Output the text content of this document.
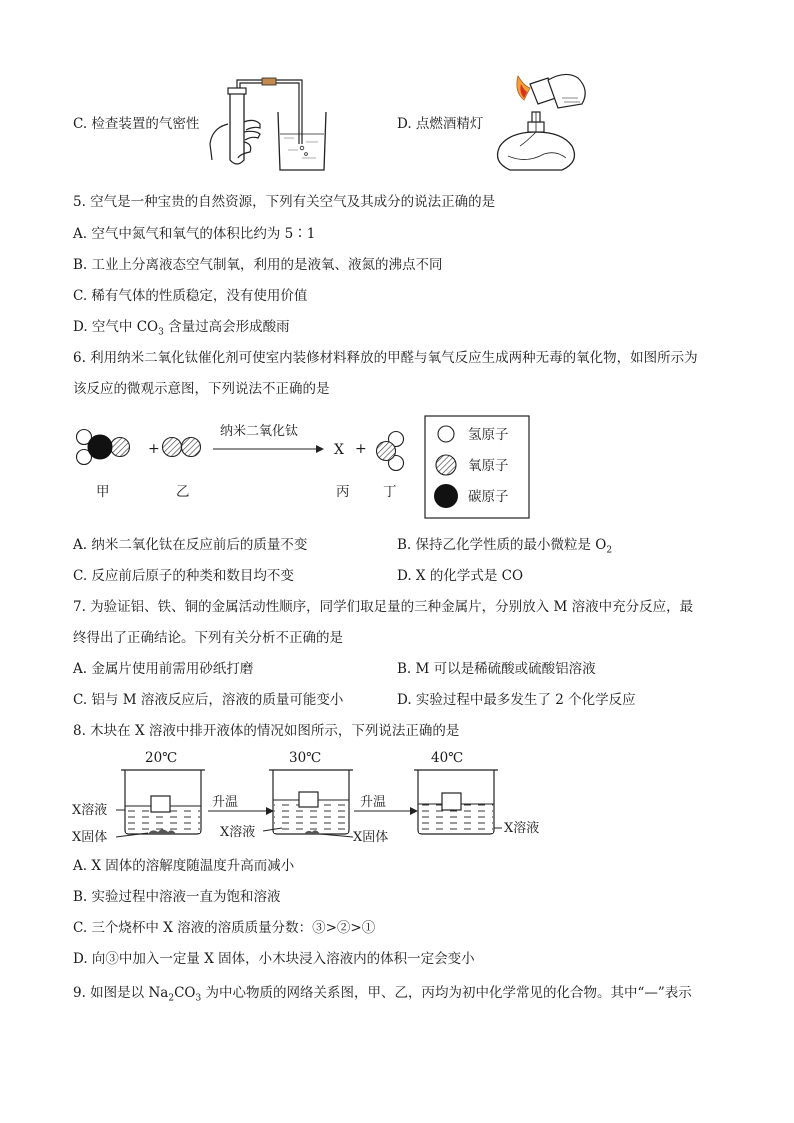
C. 检查装置的气密性	D. 点燃酒精灯
5. 空气是一种宝贵的自然资源，下列有关空气及其成分的说法正确的是
A. 空气中氮气和氧气的体积比约为 5∶1
B. 工业上分离液态空气制氧，利用的是液氧、液氮的沸点不同
C. 稀有气体的性质稳定，没有使用价值
D. 空气中 $CO_3$ 含量过高会形成酸雨
6. 利用纳米二氧化钛催化剂可使室内装修材料释放的甲醛与氧气反应生成两种无毒的氧化物，如图所示为
该反应的微观示意图，下列说法不正确的是
+
纳米二氧化钛
X +
甲	乙	丙 丁
氢原子
氧原子
碳原子
A. 纳米二氧化钛在反应前后的质量不变	B. 保持乙化学性质的最小微粒是 $O_2$
C. 反应前后原子的种类和数目均不变	D. X 的化学式是 CO
7. 为验证铝、铁、铜的金属活动性顺序，同学们取足量的三种金属片，分别放入 M 溶液中充分反应，最
终得出了正确结论。下列有关分析不正确的是
A. 金属片使用前需用砂纸打磨	B. M 可以是稀硫酸或硫酸铝溶液
C. 铝与 M 溶液反应后，溶液的质量可能变小	D. 实验过程中最多发生了 2 个化学反应
8. 木块在 X 溶液中排开液体的情况如图所示，下列说法正确的是
20℃
X溶液
X固体
升温
30℃
X溶液	X固体
升温
40℃
X溶液
A. X 固体的溶解度随温度升高而减小
B. 实验过程中溶液一直为饱和溶液
C. 三个烧杯中 X 溶液的溶质质量分数：③>②>①
D. 向③中加入一定量 X 固体，小木块浸入溶液内的体积一定会变小
9. 如图是以 $Na_2CO_3$ 为中心物质的网络关系图，甲、乙，丙均为初中化学常见的化合物。其中“—”表示
